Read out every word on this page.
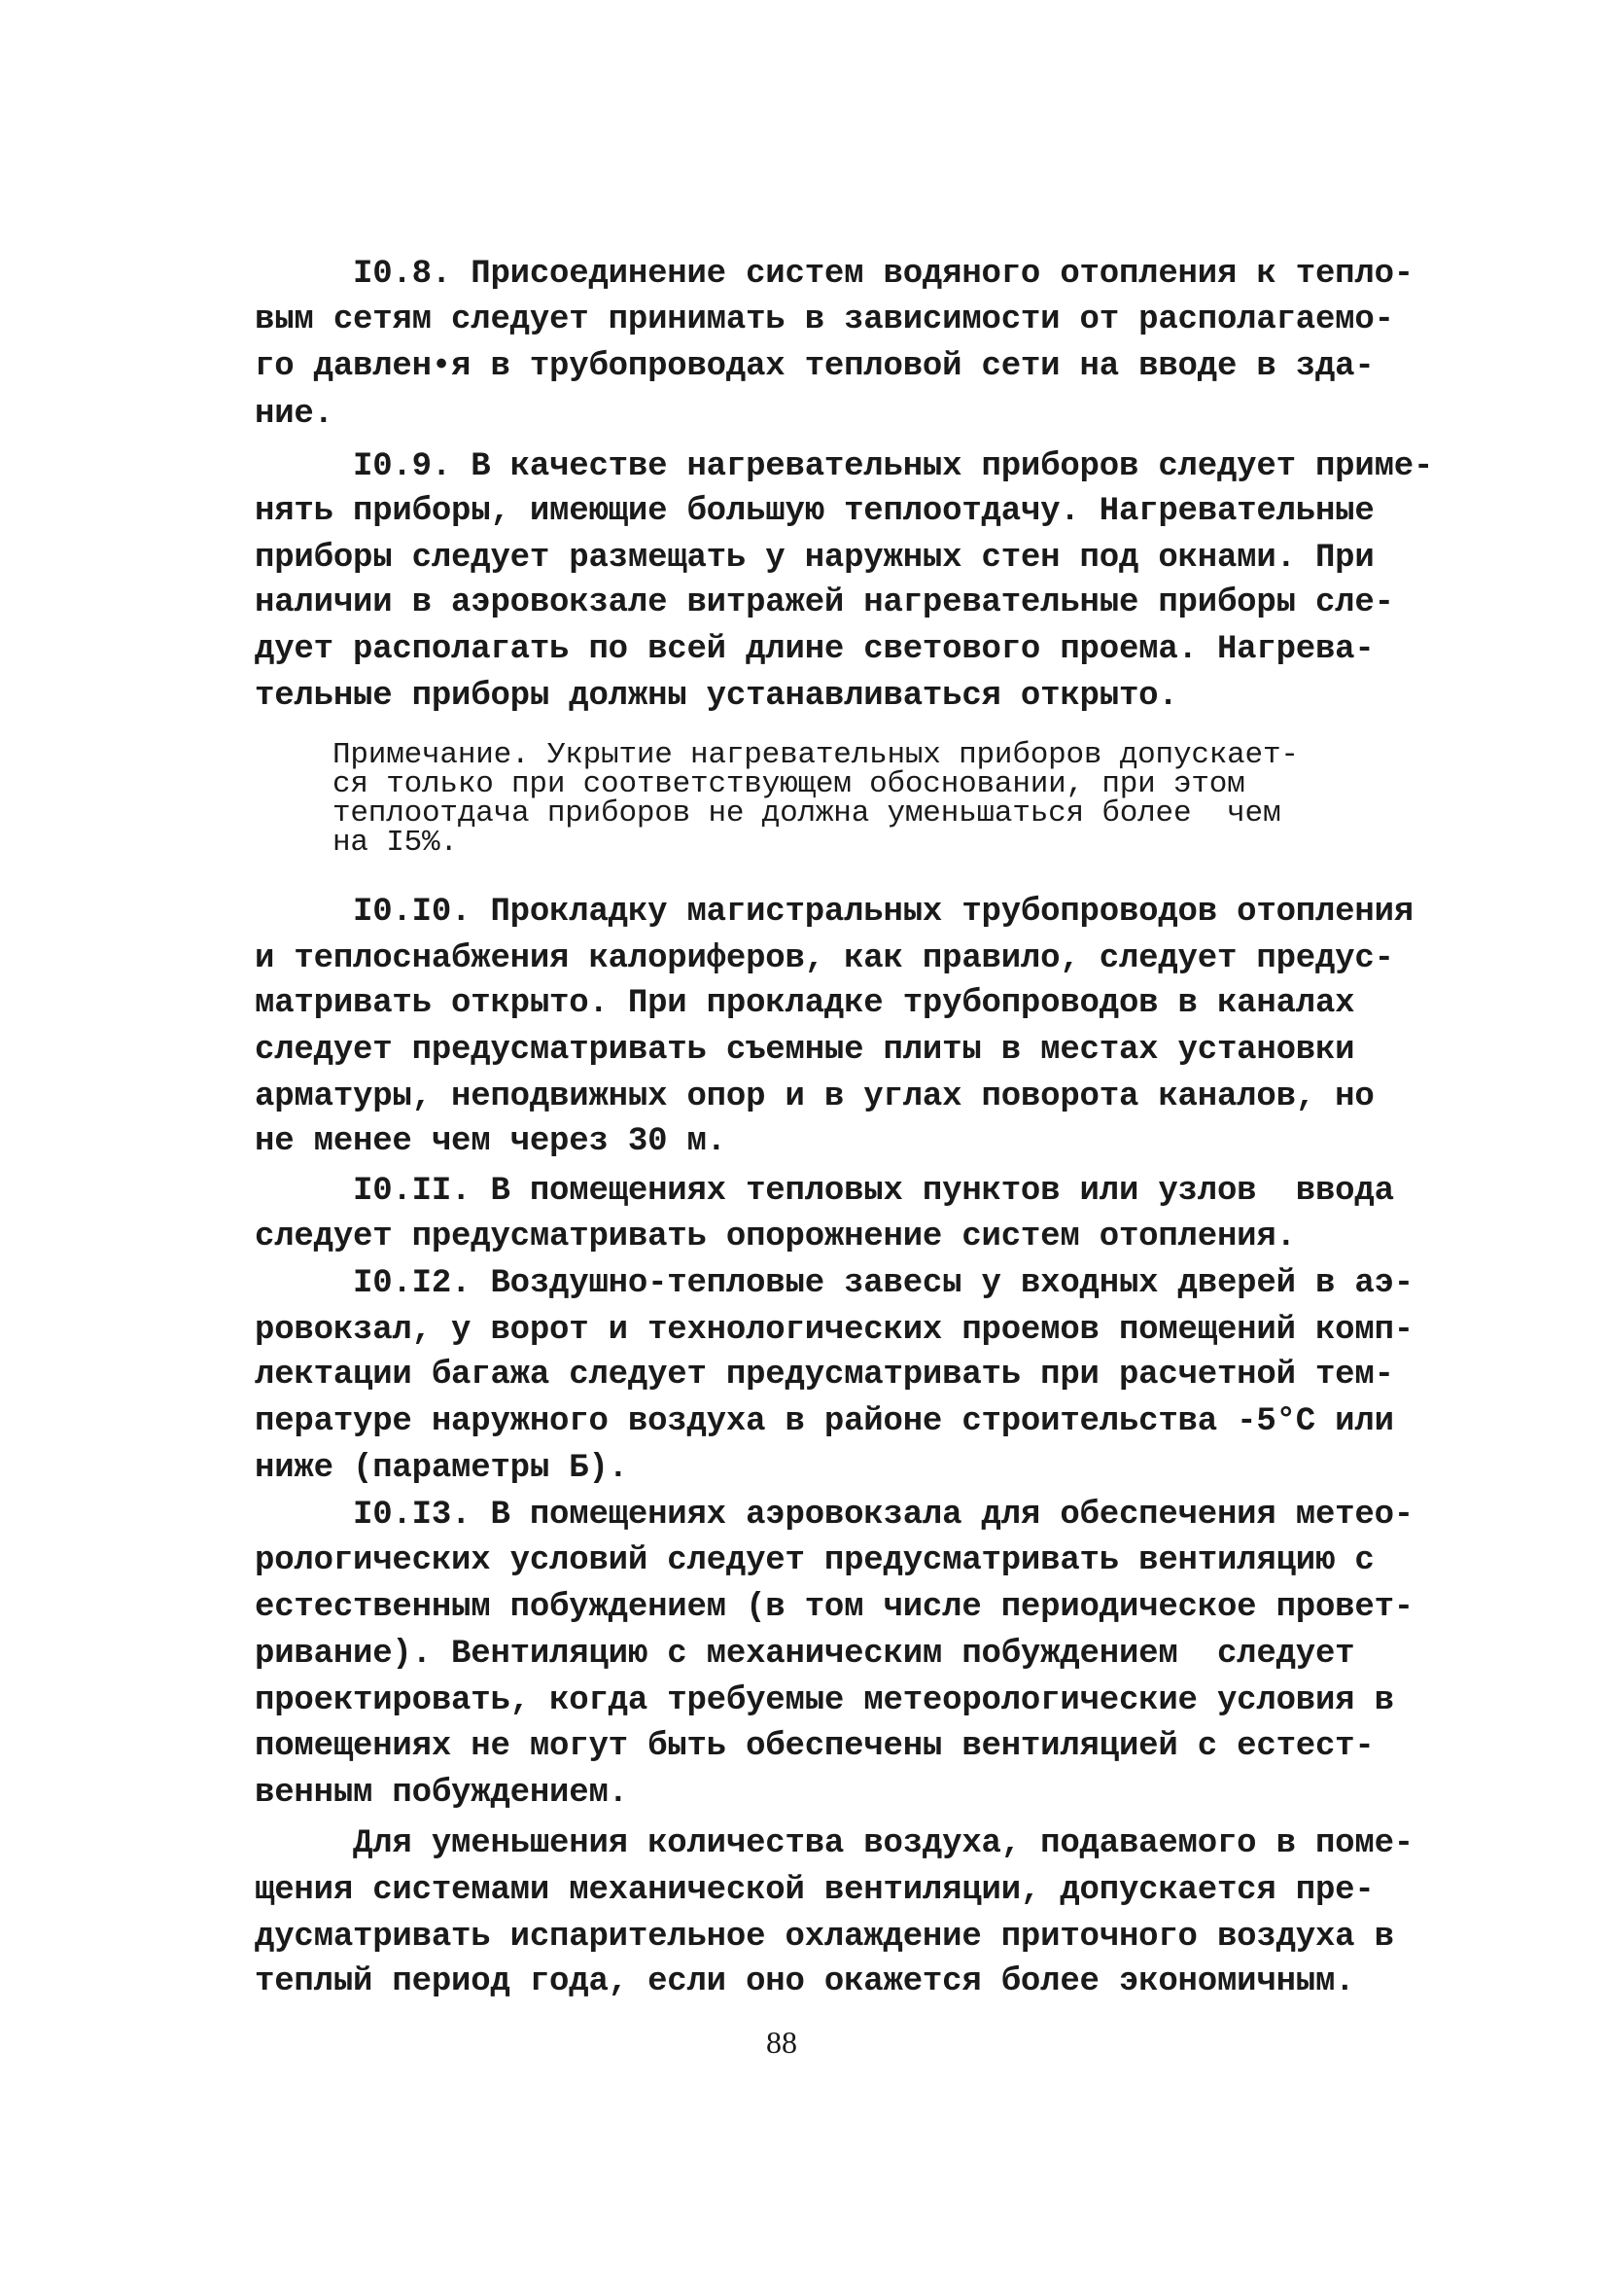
I0.8. Присоединение систем водяного отопления к тепло-
вым сетям следует принимать в зависимости от располагаемо-
го давлен•я в трубопроводах тепловой сети на вводе в зда-
ние.
I0.9. В качестве нагревательных приборов следует приме-
нять приборы, имеющие большую теплоотдачу. Нагревательные
приборы следует размещать у наружных стен под окнами. При
наличии в аэровокзале витражей нагревательные приборы сле-
дует располагать по всей длине светового проема. Нагрева-
тельные приборы должны устанавливаться открыто.
Примечание. Укрытие нагревательных приборов допускает-
ся только при соответствующем обосновании, при этом
теплоотдача приборов не должна уменьшаться более  чем
на I5%.
I0.I0. Прокладку магистральных трубопроводов отопления
и теплоснабжения калориферов, как правило, следует предус-
матривать открыто. При прокладке трубопроводов в каналах
следует предусматривать съемные плиты в местах установки
арматуры, неподвижных опор и в углах поворота каналов, но
не менее чем через 30 м.
I0.II. В помещениях тепловых пунктов или узлов  ввода
следует предусматривать опорожнение систем отопления.
I0.I2. Воздушно-тепловые завесы у входных дверей в аэ-
ровокзал, у ворот и технологических проемов помещений комп-
лектации багажа следует предусматривать при расчетной тем-
пературе наружного воздуха в районе строительства -5°С или
ниже (параметры Б).
I0.I3. В помещениях аэровокзала для обеспечения метео-
рологических условий следует предусматривать вентиляцию с
естественным побуждением (в том числе периодическое провет-
ривание). Вентиляцию с механическим побуждением  следует
проектировать, когда требуемые метеорологические условия в
помещениях не могут быть обеспечены вентиляцией с естест-
венным побуждением.
Для уменьшения количества воздуха, подаваемого в поме-
щения системами механической вентиляции, допускается пре-
дусматривать испарительное охлаждение приточного воздуха в
теплый период года, если оно окажется более экономичным.
88
